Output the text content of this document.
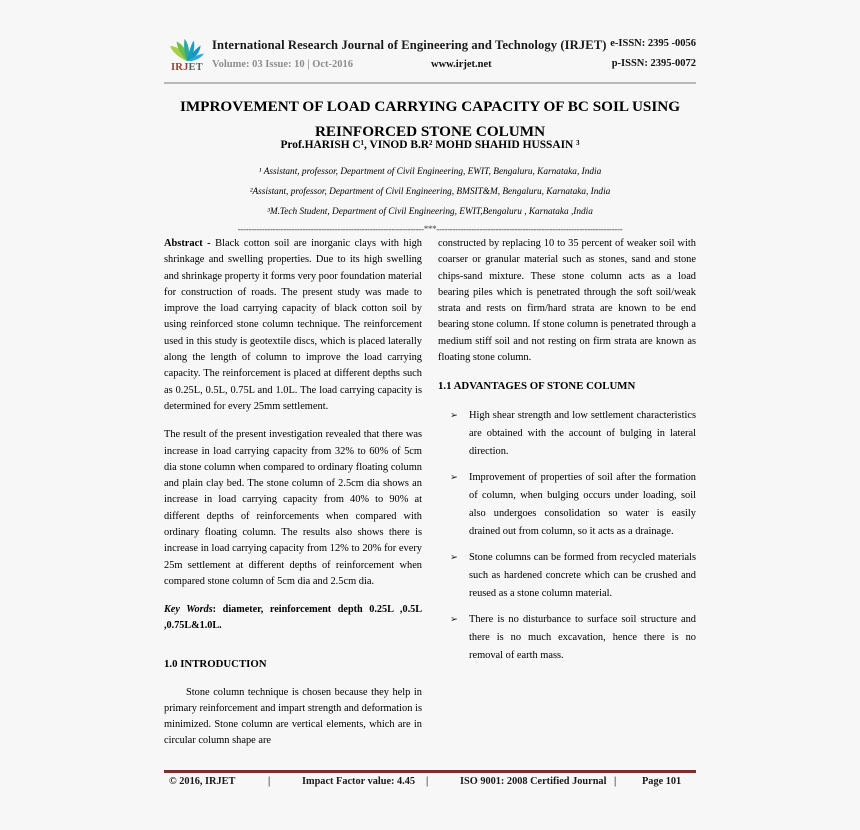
IRJET
International Research Journal of Engineering and Technology (IRJET)
Volume: 03 Issue: 10 | Oct-2016	www.irjet.net
e-ISSN: 2395 -0056
p-ISSN: 2395-0072
IMPROVEMENT OF LOAD CARRYING CAPACITY OF BC SOIL USING REINFORCED STONE COLUMN
Prof.HARISH C¹, VINOD B.R² MOHD SHAHID HUSSAIN ³
¹ Assistant, professor, Department of Civil Engineering, EWIT, Bengaluru, Karnataka, India
²Assistant, professor, Department of Civil Engineering, BMSIT&M, Bengaluru, Karnataka, India
³M.Tech Student, Department of Civil Engineering, EWIT,Bengaluru , Karnataka ,India
---------------------------------------------------------------------***---------------------------------------------------------------------

Abstract - Black cotton soil are inorganic clays with high shrinkage and swelling properties. Due to its high swelling and shrinkage property it forms very poor foundation material for construction of roads. The present study was made to improve the load carrying capacity of black cotton soil by using reinforced stone column technique. The reinforcement used in this study is geotextile discs, which is placed laterally along the length of column to improve the load carrying capacity. The reinforcement is placed at different depths such as 0.25L, 0.5L, 0.75L and 1.0L. The load carrying capacity is determined for every 25mm settlement.

The result of the present investigation revealed that there was increase in load carrying capacity from 32% to 60% of 5cm dia stone column when compared to ordinary floating column and plain clay bed. The stone column of 2.5cm dia shows an increase in load carrying capacity from 40% to 90% at different depths of reinforcements when compared with ordinary floating column. The results also shows there is increase in load carrying capacity from 12% to 20% for every 25m settlement at different depths of reinforcement when compared stone column of 5cm dia and 2.5cm dia.

Key Words: diameter, reinforcement depth 0.25L ,0.5L ,0.75L&1.0L.

1.0 INTRODUCTION

Stone column technique is chosen because they help in primary reinforcement and impart strength and deformation is minimized. Stone column are vertical elements, which are in circular column shape are

constructed by replacing 10 to 35 percent of weaker soil with coarser or granular material such as stones, sand and stone chips-sand mixture. These stone column acts as a load bearing piles which is penetrated through the soft soil/weak strata and rests on firm/hard strata are known to be end bearing stone column. If stone column is penetrated through a medium stiff soil and not resting on firm strata are known as floating stone column.

1.1 ADVANTAGES OF STONE COLUMN

➢ High shear strength and low settlement characteristics are obtained with the account of bulging in lateral direction.
➢ Improvement of properties of soil after the formation of column, when bulging occurs under loading, soil also undergoes consolidation so water is easily drained out from column, so it acts as a drainage.
➢ Stone columns can be formed from recycled materials such as hardened concrete which can be crushed and reused as a stone column material.
➢ There is no disturbance to surface soil structure and there is no much excavation, hence there is no removal of earth mass.
© 2016, IRJET	|	Impact Factor value: 4.45 |	ISO 9001: 2008 Certified Journal | Page 101
